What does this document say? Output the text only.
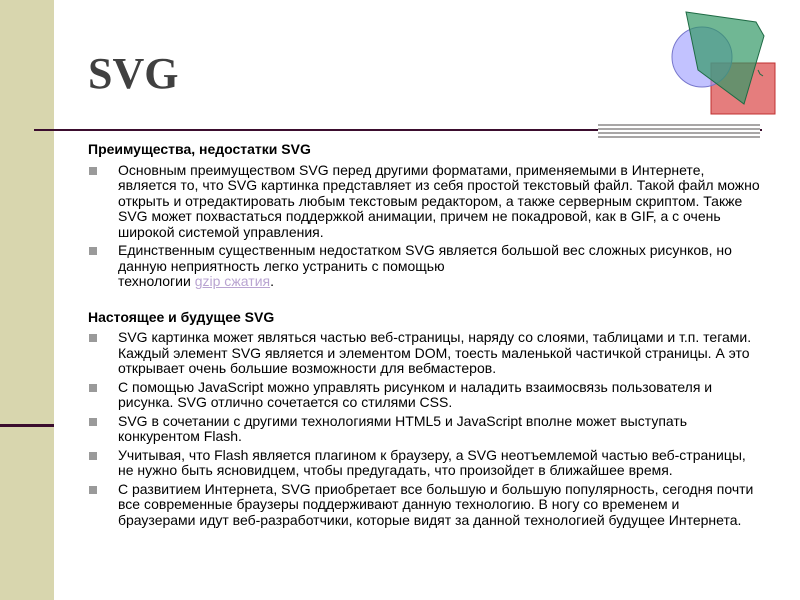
SVG

Преимущества, недостатки SVG

Основным преимуществом SVG перед другими форматами, применяемыми в Интернете, является то, что SVG картинка представляет из себя простой текстовый файл. Такой файл можно открыть и отредактировать любым текстовым редактором, а также серверным скриптом. Также SVG может похвастаться поддержкой анимации, причем не покадровой, как в GIF, а с очень широкой системой управления.
Единственным существенным недостатком SVG является большой вес сложных рисунков, но данную неприятность легко устранить с помощью
технологии gzip сжатия.

Настоящее и будущее SVG

SVG картинка может являться частью веб-страницы, наряду со слоями, таблицами и т.п. тегами. Каждый элемент SVG является и элементом DOM, тоесть маленькой частичкой страницы. А это открывает очень большие возможности для вебмастеров.
С помощью JavaScript можно управлять рисунком и наладить взаимосвязь пользователя и рисунка. SVG отлично сочетается со стилями CSS.
SVG в сочетании с другими технологиями HTML5 и JavaScript вполне может выступать конкурентом Flash.
Учитывая, что Flash является плагином к браузеру, а SVG неотъемлемой частью веб-страницы, не нужно быть ясновидцем, чтобы предугадать, что произойдет в ближайшее время.
С развитием Интернета, SVG приобретает все большую и большую популярность, сегодня почти все современные браузеры поддерживают данную технологию. В ногу со временем и браузерами идут веб-разработчики, которые видят за данной технологией будущее Интернета.
